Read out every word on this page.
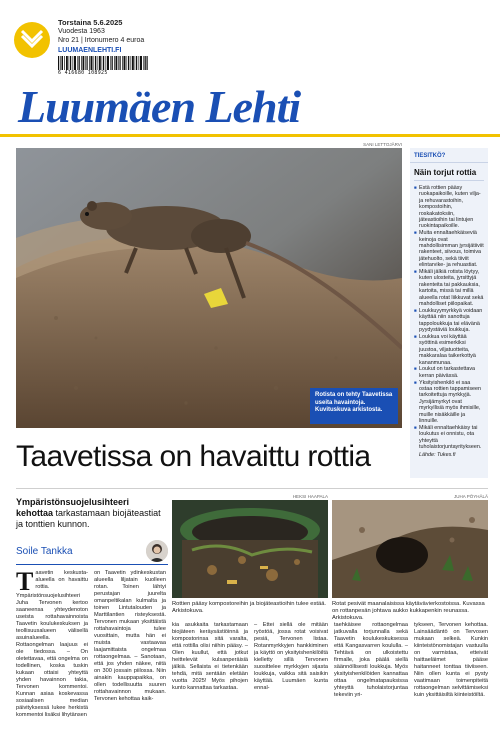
Torstaina 5.6.2025
Vuodesta 1963
Nro 21 | Irtonumero 4 euroa
LUUMAENLEHTI.FI
6 416680 108925
Luumäen Lehti
SANI LETTOJÄRVI
Rotista on tehty Taavetissa useita havaintoja. Kuvituskuva arkistosta.
TIESITKÖ?
Näin torjut rottia
■ Estä rottien pääsy ruokapaikoille, kuten vilja- ja rehuvarastoihin, kompostoihin, roskakatoksiin, jäteastioihin tai lintujen ruokintapaikoille.
■ Muita ennaltaehkäiseviä keinoja ovat mahdollisimman jyrsijätiiviit rakenteet, siivous, toimiva jätehuolto, sekä tiiviit elintarvike- ja rehuastiat.
■ Mikäli jälkiä rotista löytyy, kuten ulosteita, jyrsittyjä rakenteita tai pakkauksia, kartoita, missä tai millä alueella rotat liikkuvat sekä mahdolliset piilopaikat.
■ Loukkuyymyrkkyä voidaan käyttää niin sanottuja tappoloukkuja tai elävänä pyydystäviä loukkuja.
■ Loukkua voi käyttää syöttinä esimerkiksi juustoa, viljatuotteita, makkaralaa taikerkottyä kananmunaa.
■ Loukut on tarkastettava kerran päivässä.
■ Yksityishenkilö ei saa ostaa rottien tappamiseen tarkoitettuja myrkkyjä. Jyrsijämyrkyt ovat myrkyllisiä myös ihmisille, muille nisäkkäille ja linnuille.
■ Mikäli ennaltaehkäisy tai loukutus ei onnistu, ota yhteyttä tuholaistorjuntayritykseen.
Lähde: Tukes.fi
Taavetissa on havaittu rottia
Ympäristönsuojelusihteeri kehottaa tarkastamaan biojäteastiat ja tonttien kunnon.
Soile Tankka
Taavetin keskusta-alueella on havaittu rottia. Ympäristönsuojelusihteeri Juha Tervonen kertoo saaneensa yhteydenoton useista rottahavainnoista Taavetin koulukeskuksen ja teollisuusalueen välisellä asuinalueella. Rottaongelman laajuus ei ole tiedossa. – On oletettavaa, että ongelma on todellinen, koska tuskin kukaan ottaisi yhteyttä yhden havainnon takia, Tervonen kommentoi. Kunnan asiaa koskevassa sosiaalisen median päivityksessä lukee herkistä kommentoi lisäksi lihytänsen
on Taavetin ydinkeskustan alueella liljatain kuolleen rotan. Toinen lähtyi perustajan juurelta omanpeltikalan kulmalta ja toinen Lintutalouden ja Marttilantien risteyksestä. Tervonen mukaan yksittäistä rottahavaintoja tulee vuosittain, mutta hän ei muista vastaavaa laajamittaista ongelmaa rottaongelmaa. – Sanotaan, että jos yhden näkee, niitä on 300 jossain piilossa. Niin ainakin kauppapaikka, on ollen todellisuutta suuren rottahavainnon mukaan. Tervonen kehottaa kaik-
HEKSI HAAPALA
Rottien pääsy kompostoreihin ja biojäteastioihin tulee estää. Arkistokuva.
JUHA PÖYHÄLÄ
Rotat pesivät maanalaisissa käytävävierkostoissa. Kuvassa on rottanpesän johtava aukko kukkapenkin reunassa. Arkistokuva.
kia asukkaita tarkastamaan biojäteen keräysästiöinnä ja kompostorinsa sitä varalta, että rottilla olisi niihin pääsy. – Olen kuullut, että jotkut heittelevät kulsanperäisiä jälkiä. Sellaista ei tietenkään tehdä, mitä sentään eletään vuotta 2025! Myös pihojen kunto kannattaa tarkastaa.
– Ettei siellä ole mitään ryöstöä, jossa rotat voisivat pesiä, Tervonen listaa. Rotanmyrkkyjen hankkiminen ja käyttö on yksityishenkilöiltä kielletty sillä Tervonen suosittelee myrkkyjen sijasta loukkuja, vaikka sitä saisikin käyttää. Luumäen kunta ennal-
taehkäisee rottaongelmaa jatkuvalla torjunnalla sekä Taavetin koulukeskuksessa että Kangasvarren koululla. – Tehtävä on ulkoistettu firmalle, joka päälä siellä säännöllisesti loukkuja. Myös yksityishenkilöiden kannattaa ottaa ongelmatapauksissa yhteyttä tuholaistorjuntaa tekeviin yri-
tykseen, Tervonen kehottaa. Lainsäädäntö on Tervosen mukaan selkeä. Kunkin kiinteistönomistajan vastuulla on varmistaa, etteivät haittaeläimet pääse haitanneet tonttaa tiiviiseen. Niin ollen kunta ei pysty vaatimaan toimenpiteitä rottaongelman selvittämiseksi kuin yksittäisiltä kiinteistöiltä.
